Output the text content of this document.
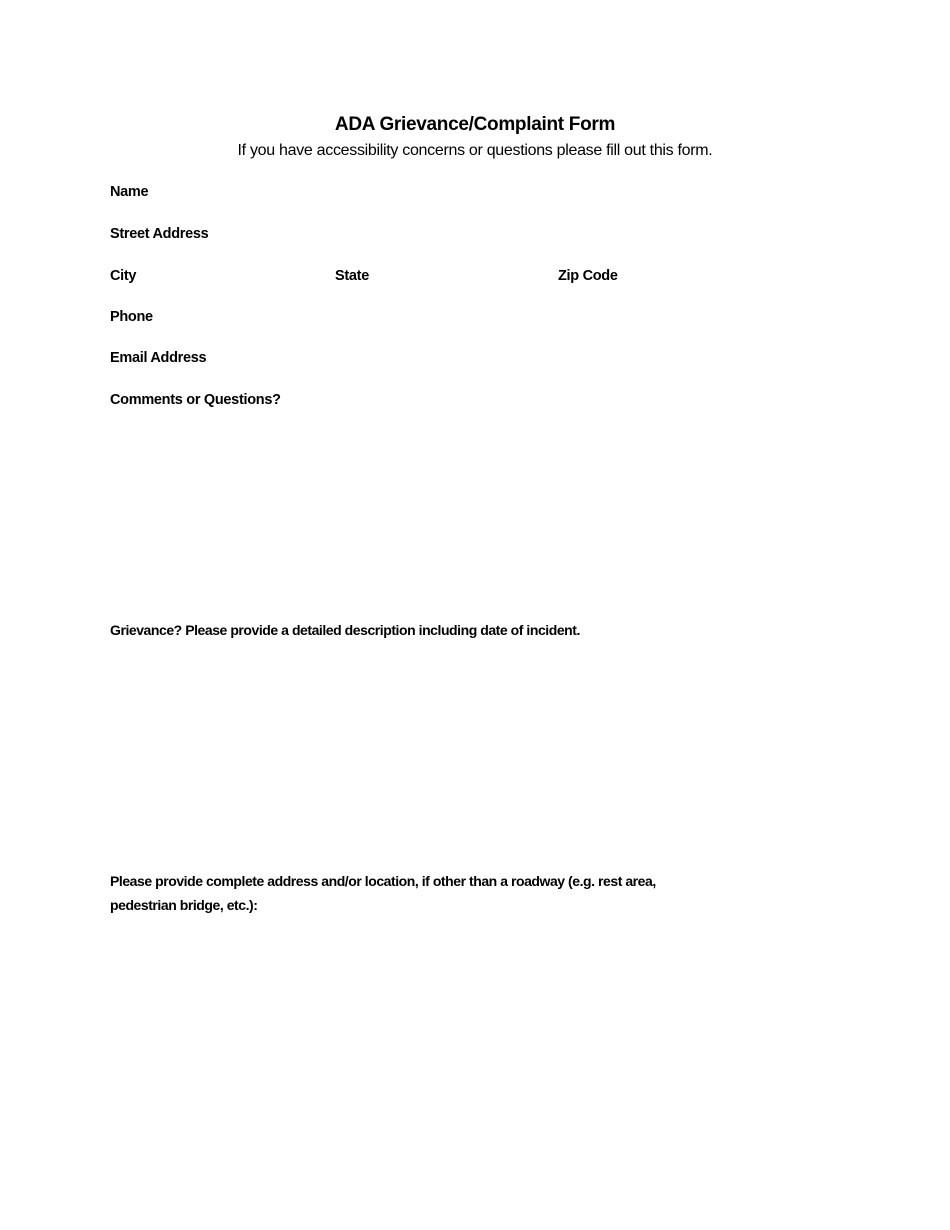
ADA Grievance/Complaint Form
If you have accessibility concerns or questions please fill out this form.
Name
Street Address
City	State	Zip Code
Phone
Email Address
Comments or Questions?
Grievance? Please provide a detailed description including date of incident.
Please provide complete address and/or location, if other than a roadway (e.g. rest area,
pedestrian bridge, etc.):
